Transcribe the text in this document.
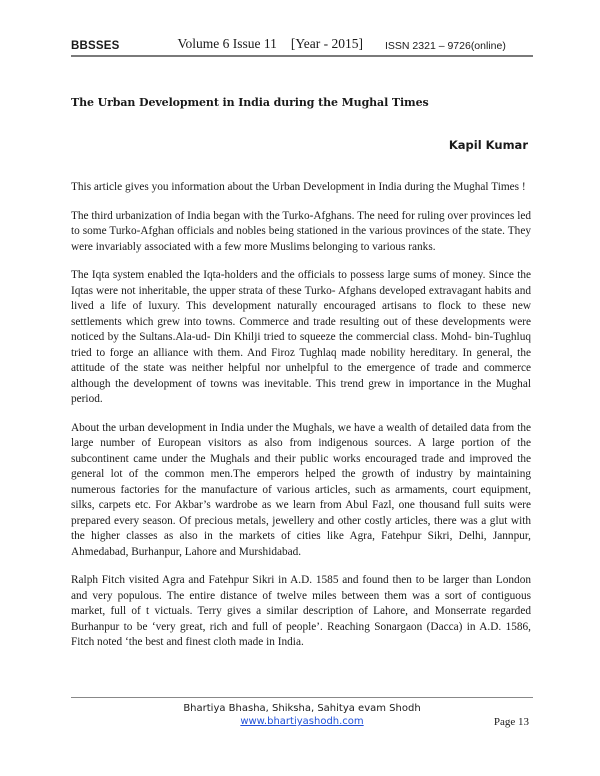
BBSSES	Volume 6 Issue 11 [Year - 2015] ISSN 2321 – 9726(online)
The Urban Development in India during the Mughal Times
Kapil Kumar

This article gives you information about the Urban Development in India during the Mughal Times !

The third urbanization of India began with the Turko-Afghans. The need for ruling over provinces led to some Turko-Afghan officials and nobles being stationed in the various provinces of the state. They were invariably associated with a few more Muslims belonging to various ranks.

The Iqta system enabled the Iqta-holders and the officials to possess large sums of money. Since the Iqtas were not inheritable, the upper strata of these Turko- Afghans developed extravagant habits and lived a life of luxury. This development naturally encouraged artisans to flock to these new settlements which grew into towns. Commerce and trade resulting out of these developments were noticed by the Sultans.Ala-ud- Din Khilji tried to squeeze the commercial class. Mohd- bin-Tughluq tried to forge an alliance with them. And Firoz Tughlaq made nobility hereditary. In general, the attitude of the state was neither helpful nor unhelpful to the emergence of trade and commerce although the development of towns was inevitable. This trend grew in importance in the Mughal period.

About the urban development in India under the Mughals, we have a wealth of detailed data from the large number of European visitors as also from indigenous sources. A large portion of the subcontinent came under the Mughals and their public works encouraged trade and improved the general lot of the common men.The emperors helped the growth of industry by maintaining numerous factories for the manufacture of various articles, such as armaments, court equipment, silks, carpets etc. For Akbar’s wardrobe as we learn from Abul Fazl, one thousand full suits were prepared every season. Of precious metals, jewellery and other costly articles, there was a glut with the higher classes as also in the markets of cities like Agra, Fatehpur Sikri, Delhi, Jannpur, Ahmedabad, Burhanpur, Lahore and Murshidabad.

Ralph Fitch visited Agra and Fatehpur Sikri in A.D. 1585 and found then to be larger than London and very populous. The entire distance of twelve miles between them was a sort of contiguous market, full of t victuals. Terry gives a similar description of Lahore, and Monserrate regarded Burhanpur to be ‘very great, rich and full of people’. Reaching Sonargaon (Dacca) in A.D. 1586, Fitch noted ‘the best and finest cloth made in India.

Bhartiya Bhasha, Shiksha, Sahitya evam Shodh
www.bhartiyashodh.com	Page 13
